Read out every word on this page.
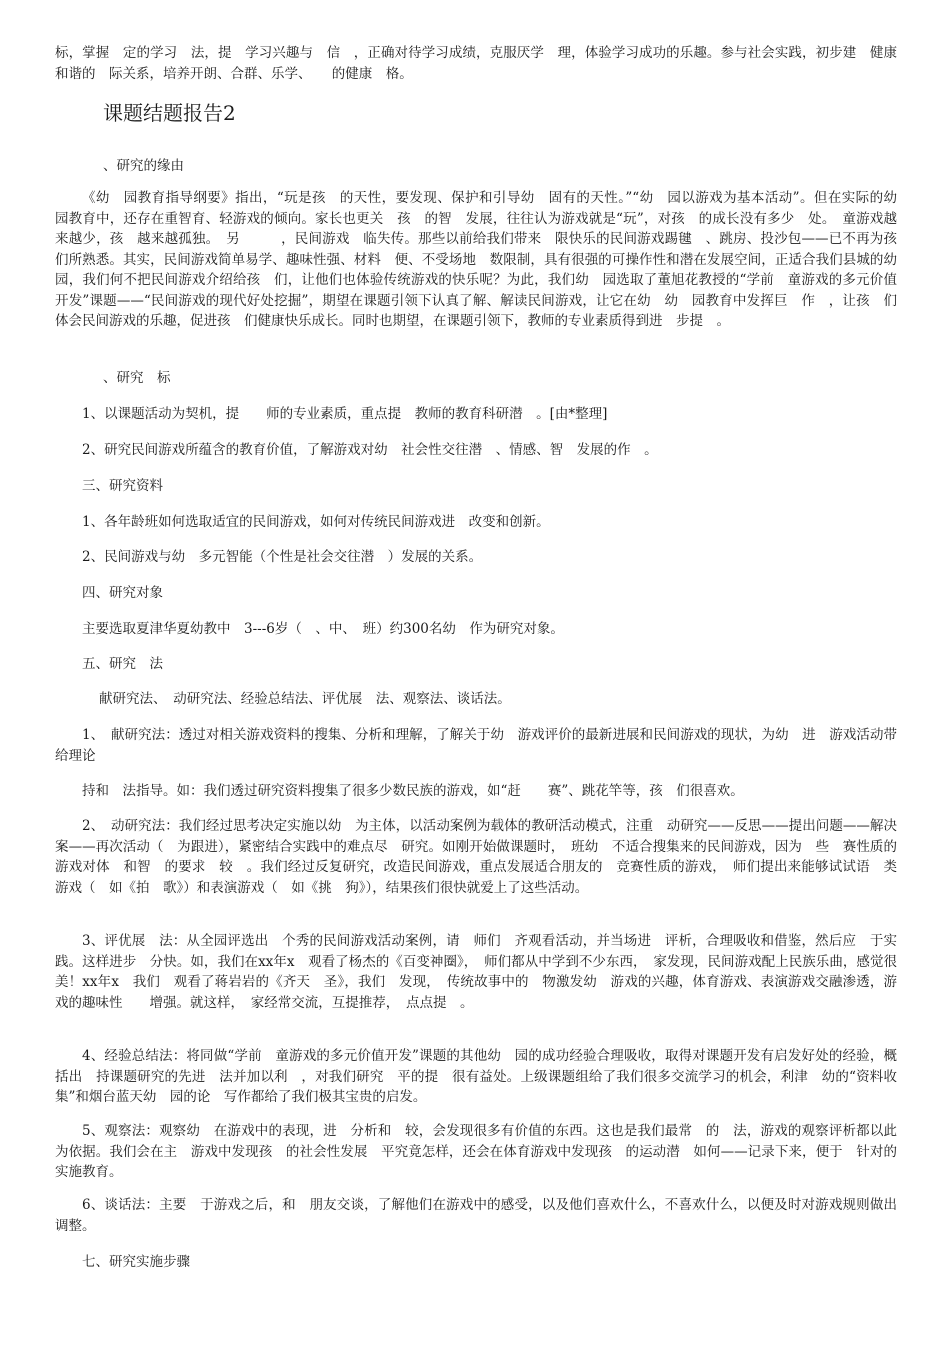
标，掌握　定的学习　法，提　学习兴趣与　信　，正确对待学习成绩，克服厌学　理，体验学习成功的乐趣。参与社会实践，初步建　健康和谐的　际关系，培养开朗、合群、乐学、　　的健康　格。

课题结题报告2

、研究的缘由

《幼　园教育指导纲要》指出，“玩是孩　的天性，要发现、保护和引导幼　固有的天性。”“幼　园以游戏为基本活动”。但在实际的幼　园教育中，还存在重智育、轻游戏的倾向。家长也更关　孩　的智　发展，往往认为游戏就是“玩”，对孩　的成长没有多少　处。　童游戏越来越少，孩　越来越孤独。　另　　　，民间游戏　临失传。那些以前给我们带来　限快乐的民间游戏踢毽　、跳房、投沙包——已不再为孩　们所熟悉。其实，民间游戏简单易学、趣味性强、材料　便、不受场地　数限制，具有很强的可操作性和潜在发展空间，正适合我们县城的幼　园，我们何不把民间游戏介绍给孩　们，让他们也体验传统游戏的快乐呢？为此，我们幼　园选取了董旭花教授的“学前　童游戏的多元价值开发”课题——“民间游戏的现代好处挖掘”，期望在课题引领下认真了解、解读民间游戏，让它在幼　幼　园教育中发挥巨　作　，让孩　们体会民间游戏的乐趣，促进孩　们健康快乐成长。同时也期望，在课题引领下，教师的专业素质得到进　步提　。

、研究　标

1、以课题活动为契机，提　　师的专业素质，重点提　教师的教育科研潜　。[由*整理]

2、研究民间游戏所蕴含的教育价值，了解游戏对幼　社会性交往潜　、情感、智　发展的作　。

三、研究资料

1、各年龄班如何选取适宜的民间游戏，如何对传统民间游戏进　改变和创新。

2、民间游戏与幼　多元智能（个性是社会交往潜　）发展的关系。

四、研究对象

主要选取夏津华夏幼教中　3---6岁（　、中、　班）约300名幼　作为研究对象。

五、研究　法

献研究法、　动研究法、经验总结法、评优展　法、观察法、谈话法。

1、　献研究法：透过对相关游戏资料的搜集、分析和理解，了解关于幼　游戏评价的最新进展和民间游戏的现状，为幼　进　游戏活动带给理论

持和　法指导。如：我们透过研究资料搜集了很多少数民族的游戏，如“赶　　赛”、跳花竿等，孩　们很喜欢。

2、　动研究法：我们经过思考决定实施以幼　为主体，以活动案例为载体的教研活动模式，注重　动研究——反思——提出问题——解决　案——再次活动（　为跟进），紧密结合实践中的难点尽　研究。如刚开始做课题时，　班幼　不适合搜集来的民间游戏，因为　些　赛性质的游戏对体　和智　的要求　较　。我们经过反复研究，改造民间游戏，重点发展适合朋友的　竞赛性质的游戏，　师们提出来能够试试语　类游戏（　如《拍　歌》）和表演游戏（　如《挑　狗》），结果孩们很快就爱上了这些活动。

3、评优展　法：从全园评选出　个秀的民间游戏活动案例，请　师们　齐观看活动，并当场进　评析，合理吸收和借鉴，然后应　于实践。这样进步　分快。如，我们在xx年x　观看了杨杰的《百变神圈》，　师们都从中学到不少东西，　家发现，民间游戏配上民族乐曲，感觉很美！xx年x　我们　观看了蒋岩岩的《齐天　圣》，我们　发现，　传统故事中的　物激发幼　游戏的兴趣，体育游戏、表演游戏交融渗透，游戏的趣味性　　增强。就这样，　家经常交流，互提推荐，　点点提　。

4、经验总结法：将同做“学前　童游戏的多元价值开发”课题的其他幼　园的成功经验合理吸收，取得对课题开发有启发好处的经验，概括出　持课题研究的先进　法并加以利　，对我们研究　平的提　很有益处。上级课题组给了我们很多交流学习的机会，利津　幼的“资料收集”和烟台蓝天幼　园的论　写作都给了我们极其宝贵的启发。

5、观察法：观察幼　在游戏中的表现，进　分析和　较，会发现很多有价值的东西。这也是我们最常　的　法，游戏的观察评析都以此为依据。我们会在主　游戏中发现孩　的社会性发展　平究竟怎样，还会在体育游戏中发现孩　的运动潜　如何——记录下来，便于　针对的实施教育。

6、谈话法：主要　于游戏之后，和　朋友交谈，了解他们在游戏中的感受，以及他们喜欢什么，不喜欢什么，以便及时对游戏规则做出调整。

七、研究实施步骤
